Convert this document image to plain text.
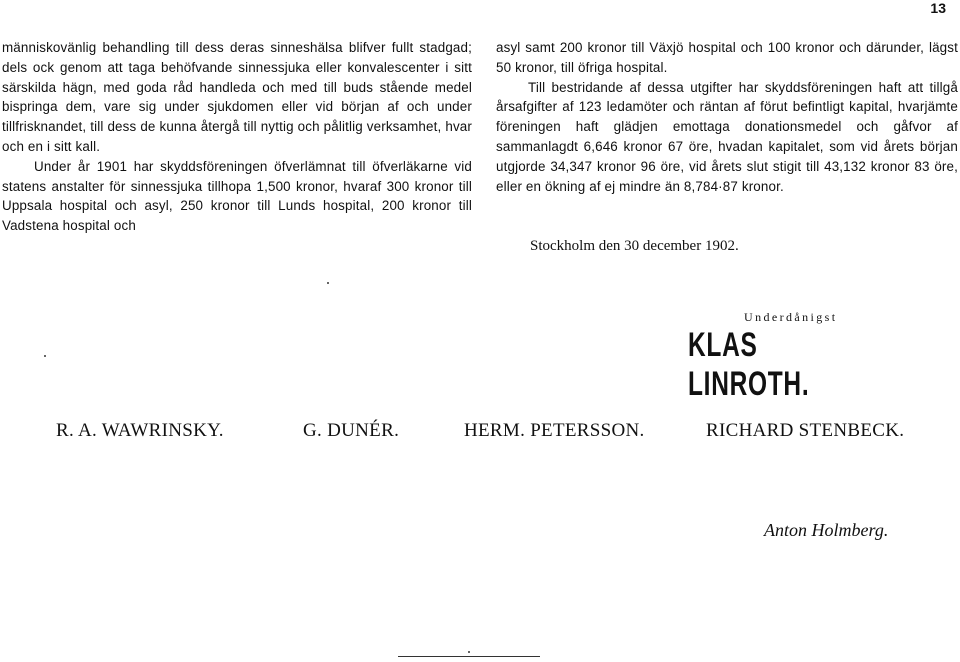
13

människovänlig behandling till dess deras sinneshälsa blifver fullt stadgad; dels ock genom att taga behöfvande sinnessjuka eller konvalescenter i sitt särskilda hägn, med goda råd handleda och med till buds stående medel bispringa dem, vare sig under sjukdomen eller vid början af och under tillfrisknandet, till dess de kunna återgå till nyttig och pålitlig verksamhet, hvar och en i sitt kall.

Under år 1901 har skyddsföreningen öfverlämnat till öfverläkarne vid statens anstalter för sinnessjuka tillhopa 1,500 kronor, hvaraf 300 kronor till Uppsala hospital och asyl, 250 kronor till Lunds hospital, 200 kronor till Vadstena hospital och

asyl samt 200 kronor till Växjö hospital och 100 kronor och därunder, lägst 50 kronor, till öfriga hospital.

Till bestridande af dessa utgifter har skyddsföreningen haft att tillgå årsafgifter af 123 ledamöter och räntan af förut befintligt kapital, hvarjämte föreningen haft glädjen emottaga donationsmedel och gåfvor af sammanlagdt 6,646 kronor 67 öre, hvadan kapitalet, som vid årets början utgjorde 34,347 kronor 96 öre, vid årets slut stigit till 43,132 kronor 83 öre, eller en ökning af ej mindre än 8,784·87 kronor.

Stockholm den 30 december 1902.
Underdånigst
KLAS LINROTH.
R. A. WAWRINSKY.	G. DUNÉR.	HERM. PETERSSON.	RICHARD STENBECK.
Anton Holmberg.
